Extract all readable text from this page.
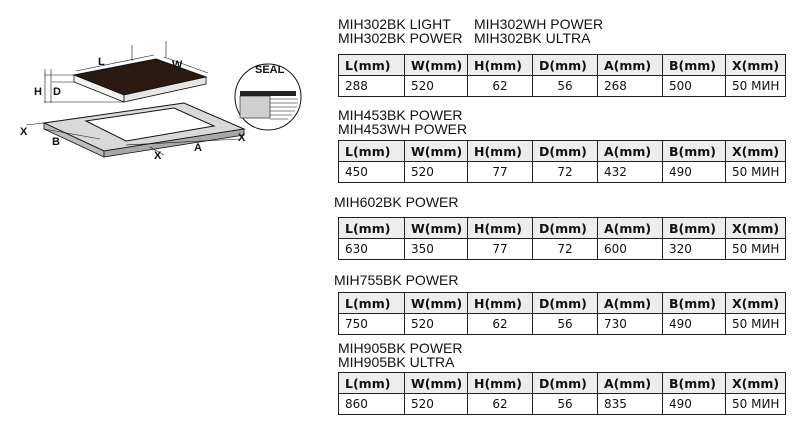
L	W
H D
SEAL
X
B
X
A
X
MIH302BK LIGHT MIH302WH POWER
MIH302BK POWER MIH302BK ULTRA
L(mm)	W(mm)	H(mm)	D(mm)	A(mm)	B(mm)	X(mm)
288	520	62	56	268	500	50 МИН
MIH453BK POWER
MIH453WH POWER
L(mm)	W(mm)	H(mm)	D(mm)	A(mm)	B(mm)	X(mm)
450	520	77	72	432	490	50 МИН
MIH602BK POWER
L(mm)	W(mm)	H(mm)	D(mm)	A(mm)	B(mm)	X(mm)
630	350	77	72	600	320	50 МИН
MIH755BK POWER
L(mm)	W(mm)	H(mm)	D(mm)	A(mm)	B(mm)	X(mm)
750	520	62	56	730	490	50 МИН
MIH905BK POWER
MIH905BK ULTRA
L(mm)	W(mm)	H(mm)	D(mm)	A(mm)	B(mm)	X(mm)
860	520	62	56	835	490	50 МИН
